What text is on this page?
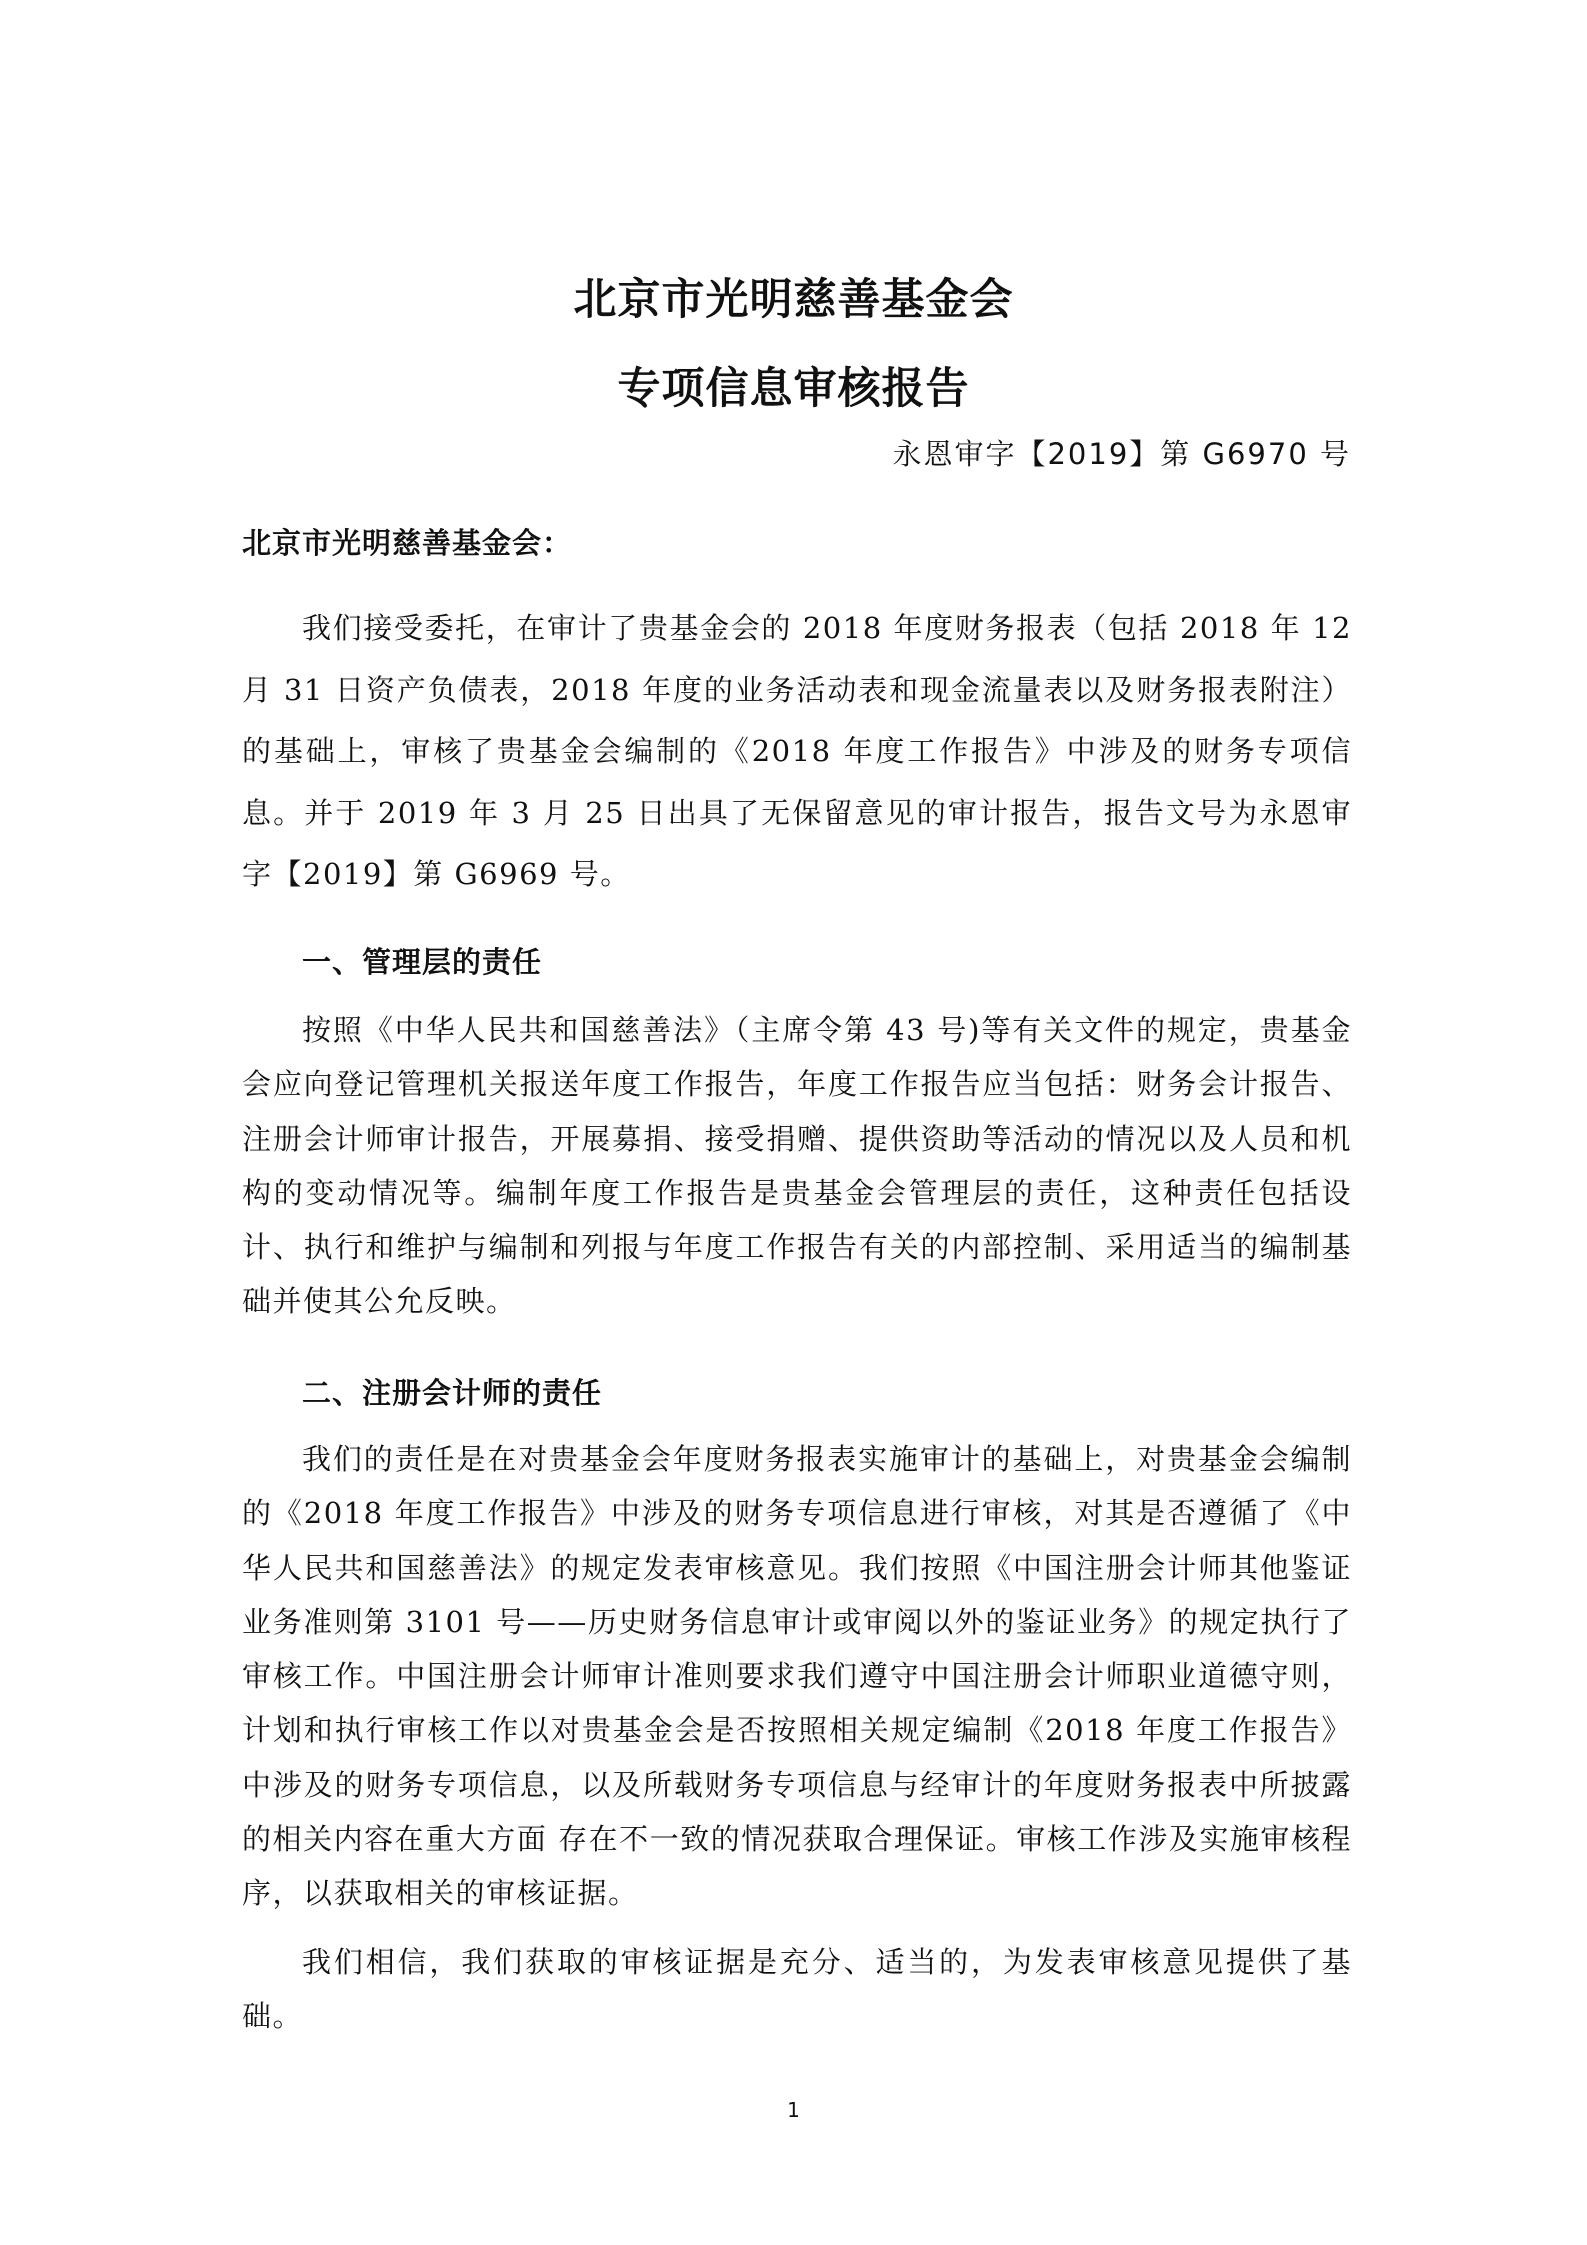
北京市光明慈善基金会
专项信息审核报告
永恩审字【2019】第 G6970 号
北京市光明慈善基金会：
我们接受委托，在审计了贵基金会的 2018 年度财务报表（包括 2018 年 12 月 31 日资产负债表，2018 年度的业务活动表和现金流量表以及财务报表附注）的基础上，审核了贵基金会编制的《2018 年度工作报告》中涉及的财务专项信息。并于 2019 年 3 月 25 日出具了无保留意见的审计报告，报告文号为永恩审字【2019】第 G6969 号。
一、管理层的责任
按照《中华人民共和国慈善法》（主席令第 43 号)等有关文件的规定，贵基金会应向登记管理机关报送年度工作报告，年度工作报告应当包括：财务会计报告、注册会计师审计报告，开展募捐、接受捐赠、提供资助等活动的情况以及人员和机构的变动情况等。编制年度工作报告是贵基金会管理层的责任，这种责任包括设计、执行和维护与编制和列报与年度工作报告有关的内部控制、采用适当的编制基础并使其公允反映。
二、注册会计师的责任
我们的责任是在对贵基金会年度财务报表实施审计的基础上，对贵基金会编制的《2018 年度工作报告》中涉及的财务专项信息进行审核，对其是否遵循了《中华人民共和国慈善法》的规定发表审核意见。我们按照《中国注册会计师其他鉴证业务准则第 3101 号——历史财务信息审计或审阅以外的鉴证业务》的规定执行了审核工作。中国注册会计师审计准则要求我们遵守中国注册会计师职业道德守则，计划和执行审核工作以对贵基金会是否按照相关规定编制《2018 年度工作报告》中涉及的财务专项信息，以及所载财务专项信息与经审计的年度财务报表中所披露的相关内容在重大方面 存在不一致的情况获取合理保证。审核工作涉及实施审核程序，以获取相关的审核证据。
我们相信，我们获取的审核证据是充分、适当的，为发表审核意见提供了基础。
1
